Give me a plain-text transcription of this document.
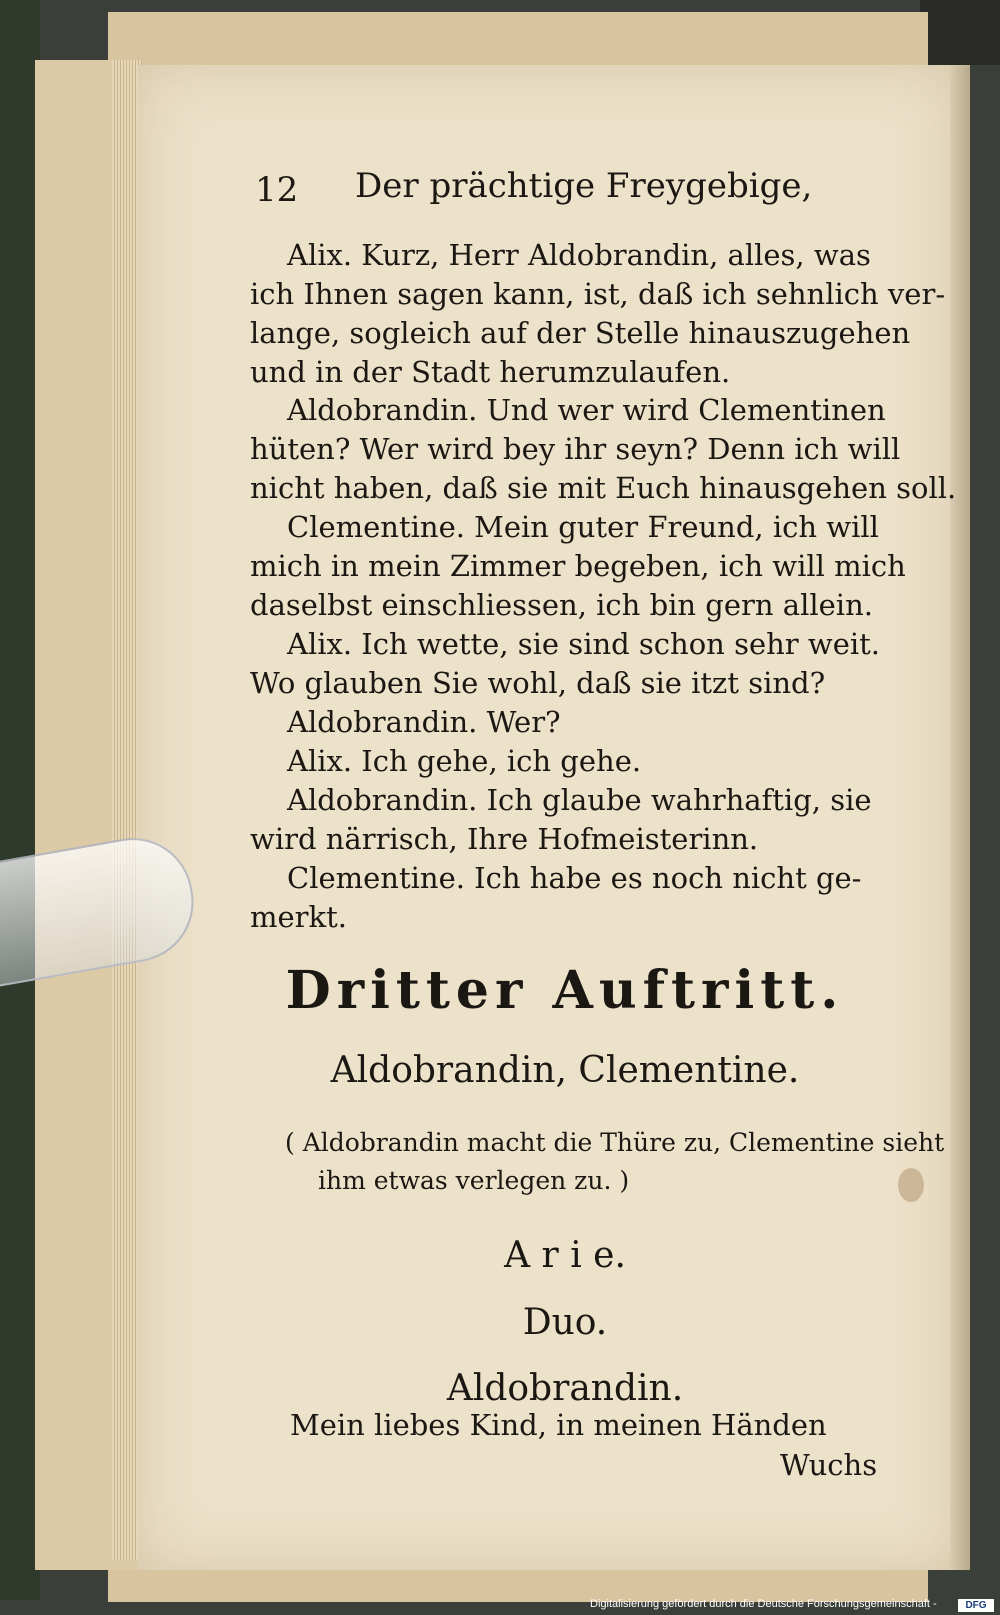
12 Der prächtige Freygebige,
Alix. Kurz, Herr Aldobrandin, alles, was
ich Ihnen sagen kann, ist, daß ich sehnlich ver-
lange, sogleich auf der Stelle hinauszugehen
und in der Stadt herumzulaufen.
Aldobrandin. Und wer wird Clementinen
hüten? Wer wird bey ihr seyn? Denn ich will
nicht haben, daß sie mit Euch hinausgehen soll.
Clementine. Mein guter Freund, ich will
mich in mein Zimmer begeben, ich will mich
daselbst einschliessen, ich bin gern allein.
Alix. Ich wette, sie sind schon sehr weit.
Wo glauben Sie wohl, daß sie itzt sind?
Aldobrandin. Wer?
Alix. Ich gehe, ich gehe.
Aldobrandin. Ich glaube wahrhaftig, sie
wird närrisch, Ihre Hofmeisterinn.
Clementine. Ich habe es noch nicht ge-
merkt.
Dritter Auftritt.
Aldobrandin, Clementine.
( Aldobrandin macht die Thüre zu, Clementine sieht
ihm etwas verlegen zu. )
A r i e.
Duo.
Aldobrandin.
Mein liebes Kind, in meinen Händen
Wuchs
Digitalisierung gefördert durch die Deutsche Forschungsgemeinschaft -	DFG
